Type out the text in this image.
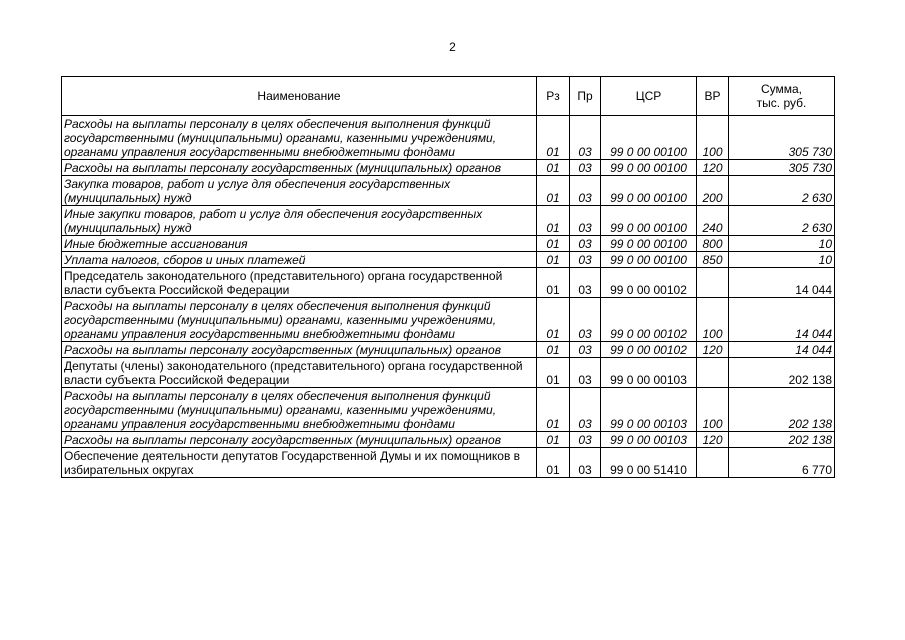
2
Наименование	Рз	Пр	ЦСР	ВР	Сумма,
тыс. руб.
Расходы на выплаты персоналу в целях обеспечения выполнения функций государственными (муниципальными) органами, казенными учреждениями, органами управления государственными внебюджетными фондами	01	03	99 0 00 00100	100	305 730
Расходы на выплаты персоналу государственных (муниципальных) органов	01	03	99 0 00 00100	120	305 730
Закупка товаров, работ и услуг для обеспечения государственных (муниципальных) нужд	01	03	99 0 00 00100	200	2 630
Иные закупки товаров, работ и услуг для обеспечения государственных (муниципальных) нужд	01	03	99 0 00 00100	240	2 630
Иные бюджетные ассигнования	01	03	99 0 00 00100	800	10
Уплата налогов, сборов и иных платежей	01	03	99 0 00 00100	850	10
Председатель законодательного (представительного) органа государственной власти субъекта Российской Федерации	01	03	99 0 00 00102		14 044
Расходы на выплаты персоналу в целях обеспечения выполнения функций государственными (муниципальными) органами, казенными учреждениями, органами управления государственными внебюджетными фондами	01	03	99 0 00 00102	100	14 044
Расходы на выплаты персоналу государственных (муниципальных) органов	01	03	99 0 00 00102	120	14 044
Депутаты (члены) законодательного (представительного) органа государственной власти субъекта Российской Федерации	01	03	99 0 00 00103		202 138
Расходы на выплаты персоналу в целях обеспечения выполнения функций государственными (муниципальными) органами, казенными учреждениями, органами управления государственными внебюджетными фондами	01	03	99 0 00 00103	100	202 138
Расходы на выплаты персоналу государственных (муниципальных) органов	01	03	99 0 00 00103	120	202 138
Обеспечение деятельности депутатов Государственной Думы и их помощников в избирательных округах	01	03	99 0 00 51410		6 770
